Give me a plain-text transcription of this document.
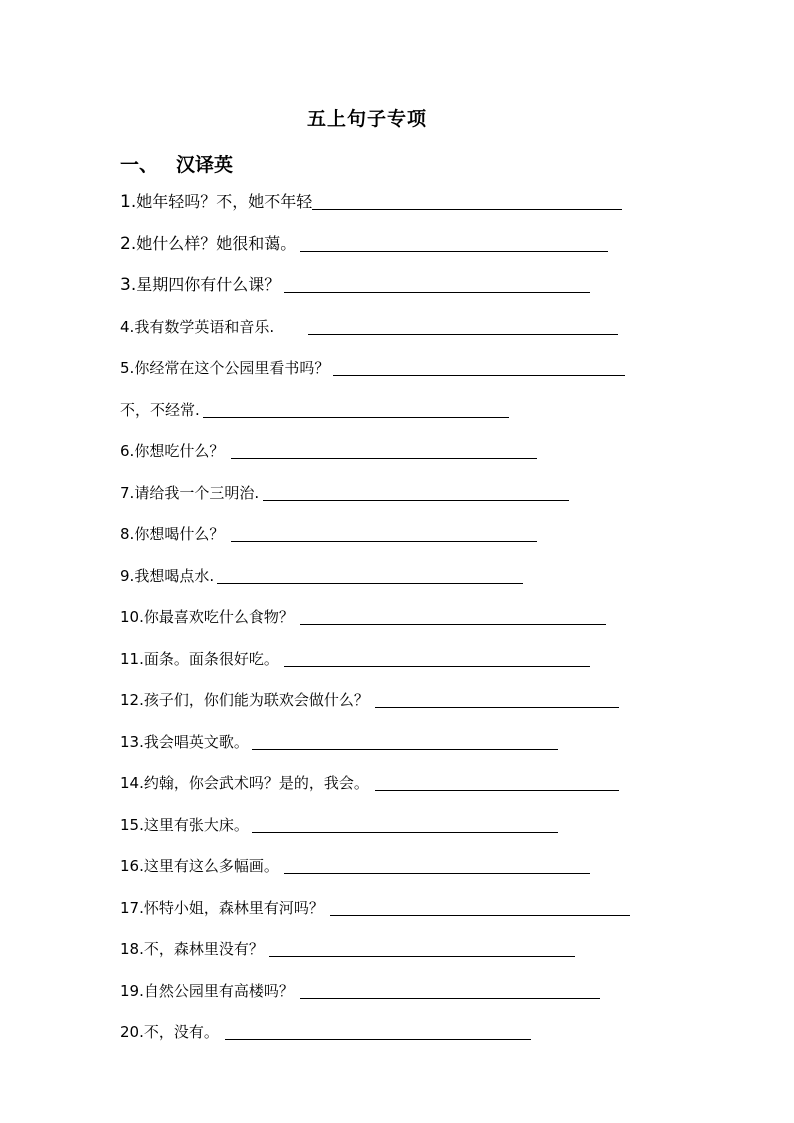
五上句子专项
一、 汉译英
1. 她年轻吗？不，她不年轻
2. 她什么样？她很和蔼。
3. 星期四你有什么课？
4. 我有数学英语和音乐.
5. 你经常在这个公园里看书吗？
不，不经常.
6. 你想吃什么？
7. 请给我一个三明治.
8. 你想喝什么？
9. 我想喝点水.
10. 你最喜欢吃什么食物？
11. 面条。面条很好吃。
12. 孩子们，你们能为联欢会做什么？
13. 我会唱英文歌。
14. 约翰，你会武术吗？是的，我会。
15. 这里有张大床。
16. 这里有这么多幅画。
17. 怀特小姐，森林里有河吗？
18. 不，森林里没有？
19. 自然公园里有高楼吗？
20. 不，没有。
